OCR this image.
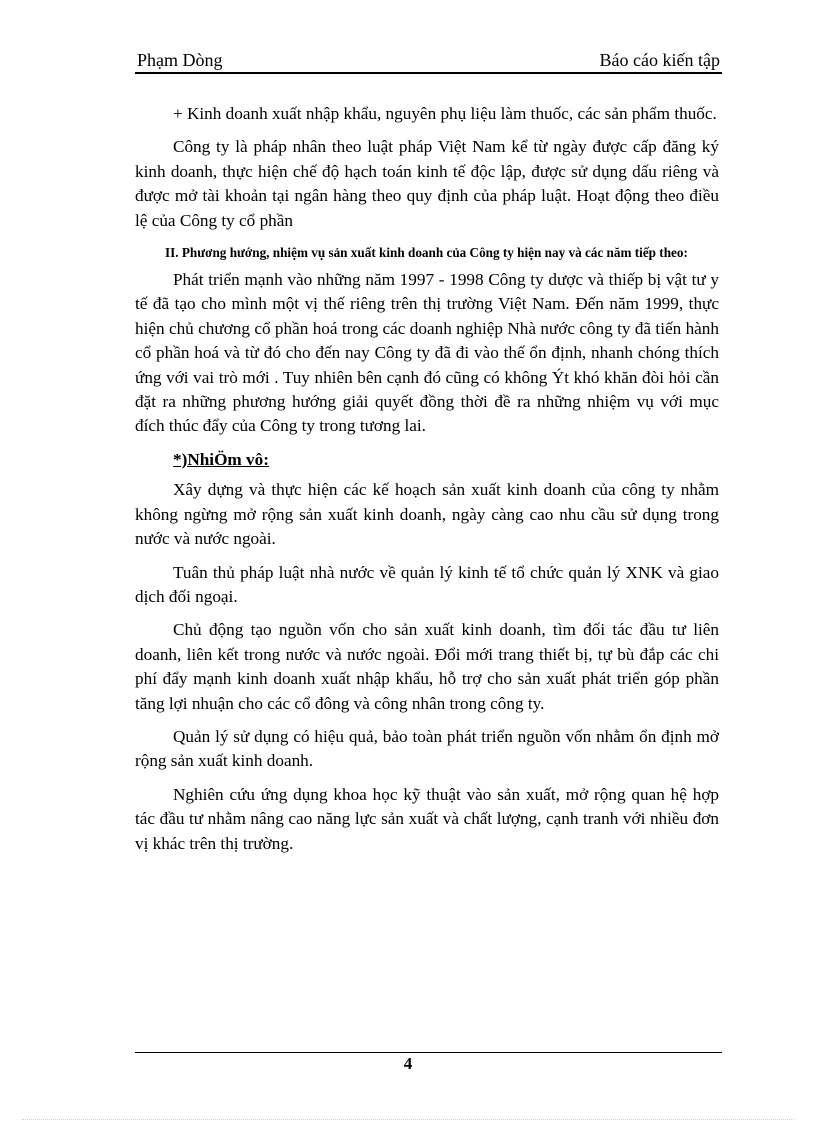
Phạm Dòng	Báo cáo kiến tập

+ Kinh doanh xuất nhập khẩu, nguyên phụ liệu làm thuốc, các sản phẩm thuốc.

Công ty là pháp nhân theo luật pháp Việt Nam kể từ ngày được cấp đăng ký kinh doanh, thực hiện chế độ hạch toán kinh tế độc lập, được sử dụng dấu riêng và được mở tài khoản tại ngân hàng theo quy định của pháp luật. Hoạt động theo điều lệ của Công ty cổ phần

II. Phương hướng, nhiệm vụ sản xuất kinh doanh của Công ty hiện nay và các năm tiếp theo:

Phát triển mạnh vào những năm 1997 - 1998 Công ty dược và thiếp bị vật tư y tế đã tạo cho mình một vị thế riêng trên thị trường Việt Nam. Đến năm 1999, thực hiện chủ chương cổ phần hoá trong các doanh nghiệp Nhà nước công ty đã tiến hành cổ phần hoá và từ đó cho đến nay Công ty đã đi vào thế ổn định, nhanh chóng thích ứng với vai trò mới . Tuy nhiên bên cạnh đó cũng có không Ýt khó khăn đòi hỏi cần đặt ra những phương hướng giải quyết đồng thời đề ra những nhiệm vụ với mục đích thúc đẩy của Công ty trong tương lai.

*)NhiÖm vô:

Xây dựng và thực hiện các kế hoạch sản xuất kinh doanh của công ty nhằm không ngừng mở rộng sản xuất kinh doanh, ngày càng cao nhu cầu sử dụng trong nước và nước ngoài.

Tuân thủ pháp luật nhà nước về quản lý kinh tế tổ chức quản lý XNK và giao dịch đối ngoại.

Chủ động tạo nguồn vốn cho sản xuất kinh doanh, tìm đối tác đầu tư liên doanh, liên kết trong nước và nước ngoài. Đổi mới trang thiết bị, tự bù đắp các chi phí đẩy mạnh kinh doanh xuất nhập khẩu, hỗ trợ cho sản xuất phát triển góp phần tăng lợi nhuận cho các cổ đông và công nhân trong công ty.

Quản lý sử dụng có hiệu quả, bảo toàn phát triển nguồn vốn nhằm ổn định mở rộng sản xuất kinh doanh.

Nghiên cứu ứng dụng khoa học kỹ thuật vào sản xuất, mở rộng quan hệ hợp tác đầu tư nhằm nâng cao năng lực sản xuất và chất lượng, cạnh tranh với nhiều đơn vị khác trên thị trường.

4
